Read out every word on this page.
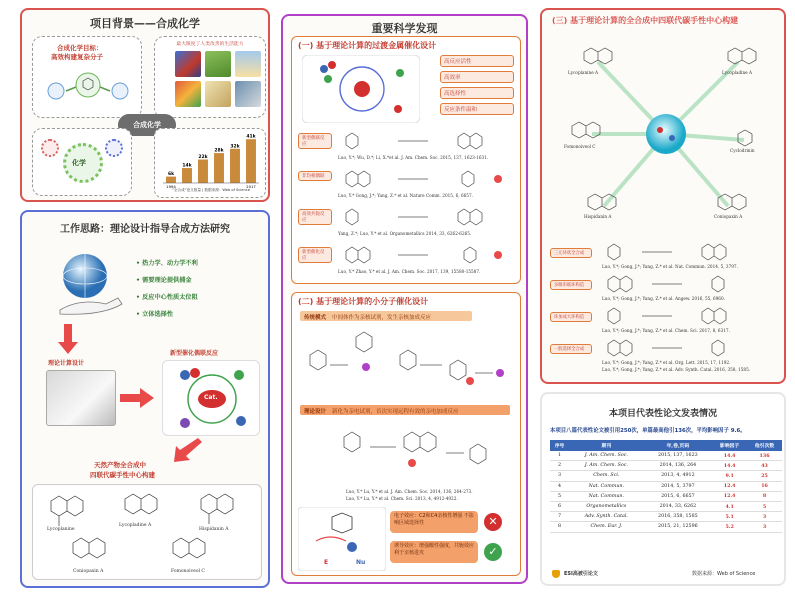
项目背景——合成化学
合成化学目标：
高效构建复杂分子
最大限度了人类改善的生活能力
合成化学
化学
6k
14k
22k
28k
32k
41k
1994	2017
“全合成”论文数量 | 数据来源：Web of Science
工作思路：理论设计指导合成方法研究
• 热力学、动力学不利
• 需要理论提供捕金
• 反应中心性质太位阻
• 立体选择性
理论计算设计
新型催化偶联反应
Cat.
天然产物全合成中
四联代碳手性中心构建
Lycoplanine
Lycopladine A
Hispidanin A
Coniopaxin A	Fomonoiveol C
重要科学发现
(一) 基于理论计算的过渡金属催化设计
高反应活性
高效率
高选择性
反应条件温和
新型偶联反应
Luo, Y.*; Wu, D.*; Li, X.*et al. J. Am. Chem. Soc. 2015, 137, 1623-1631.
非均相偶联
Luo, Y.* Gong, J.*; Yang, Z.* et al. Nature Comm. 2015, 6, 6657.
高效共轭反应
Yang, Z.*; Luo, Y.* et al. Organometallics 2014, 33, 6262-6265.
新型催化反应
Luo, Y.* Zhao, Y.* et al. J. Am. Chem. Soc. 2017, 139, 15580-15587.
(二) 基于理论计算的小分子催化设计
传统模式 中间体作为亲核试剂，发生亲核加成反应
理论设计 新化为亲电试剂，首次实现远程有效的亲电加成反应
Luo, Y.* Lu, Y.* et al. J. Am. Chem. Soc. 2014, 136, 264-273.
Luo, Y.* Lu, Y.* et al. Chem. Sci. 2013, 4, 4912-4922.
E	Nu
电子效应：C2和C4亲核性增强 不影响区域选择性	✕
诱导效应：增强酸性强度，共轭效应利于亲核进攻	✓
(三) 基于理论计算的全合成中四联代碳手性中心构建
Lycoplanine A	Lycopladine A
Fomonoiveol C
Cyclodrinin
Hispidanin A	Coniopaxin A
三元环状全合成
Luo, Y.*; Gong, J.*; Yang, Z.* et al. Nat. Commun. 2014, 5, 3797.
多级串联环构造
Luo, Y.*; Gong, J.*; Yang, Z.* et al. Angew. 2016, 55, 6960.
环加成大环构造
Luo, Y.*; Gong, J.*; Yang, Z.* et al. Chem. Sci. 2017, 8, 6317.
一般选择全合成
Luo, Y.*; Gong, J.*; Yang, Z.* et al. Org. Lett. 2015, 17, 1192.
Luo, Y.*; Gong, J.*; Yang, Z.* et al. Adv. Synth. Catal. 2016, 358, 1585.
本项目代表性论文发表情况
本项目八篇代表性论文被引用250次，单篇最高他引136次，平均影响因子 9.6。
序号	期刊	年,卷,页码	影响因子	他引次数
1	J. Am. Chem. Soc.	2015, 137, 1623	14.4	136
2	J. Am. Chem. Soc.	2014, 136, 264	14.4	43
3	Chem. Sci.	2013, 4, 4912	9.1	25
4	Nat. Commun.	2014, 5, 3797	12.4	16
5	Nat. Commun.	2015, 6, 6657	12.4	8
6	Organometallics	2014, 33, 6262	4.1	5
7	Adv. Synth. Catal.	2016, 358, 1585	5.1	3
8	Chem. Eur. J.	2015, 21, 12596	5.2	3
ESI高被引论文	数据来源：Web of Science
